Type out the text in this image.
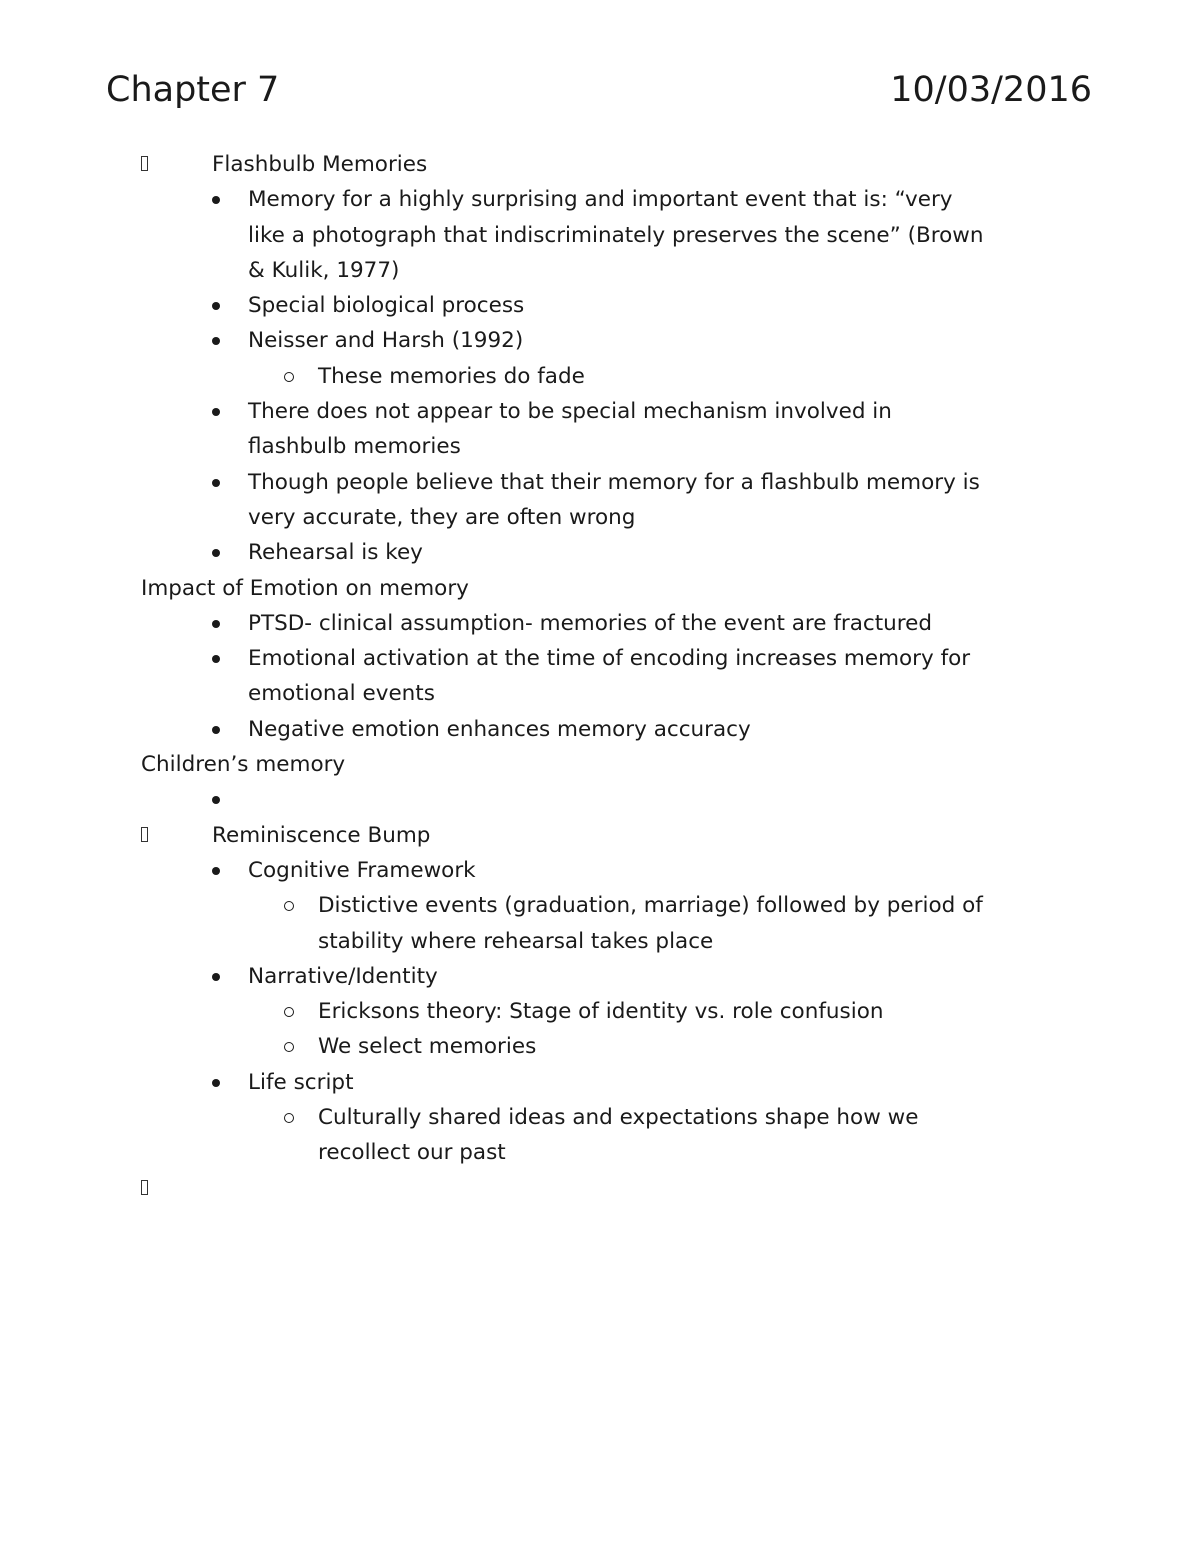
Chapter 7	10/03/2016
Flashbulb Memories
Memory for a highly surprising and important event that is: “very
like a photograph that indiscriminately preserves the scene” (Brown
& Kulik, 1977)
Special biological process
Neisser and Harsh (1992)
These memories do fade
There does not appear to be special mechanism involved in
flashbulb memories
Though people believe that their memory for a flashbulb memory is
very accurate, they are often wrong
Rehearsal is key
Impact of Emotion on memory
PTSD- clinical assumption- memories of the event are fractured
Emotional activation at the time of encoding increases memory for
emotional events
Negative emotion enhances memory accuracy
Children’s memory

Reminiscence Bump
Cognitive Framework
Distictive events (graduation, marriage) followed by period of
stability where rehearsal takes place
Narrative/Identity
Ericksons theory: Stage of identity vs. role confusion
We select memories
Life script
Culturally shared ideas and expectations shape how we
recollect our past
